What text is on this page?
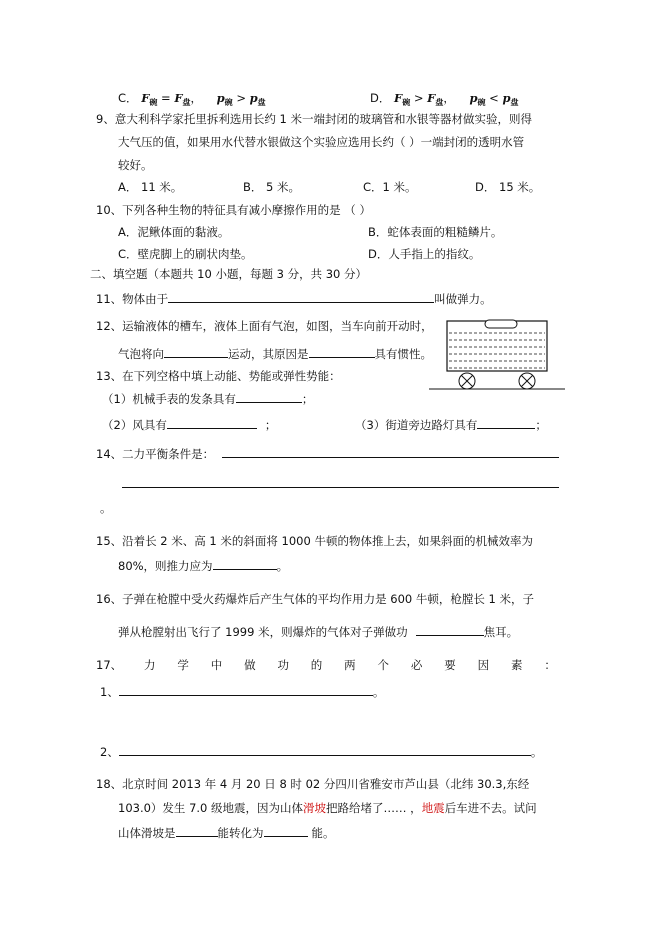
C． $F_碗 = F_盘$， $p_碗 > p_盘$	D． $F_碗 > F_盘$， $p_碗 < p_盘$
9、意大利科学家托里拆利选用长约 1 米一端封闭的玻璃管和水银等器材做实验，则得
大气压的值，如果用水代替水银做这个实验应选用长约（ ）一端封闭的透明水管
较好。
A． 11 米。	B． 5 米。	C．1 米。	D． 15 米。
10、下列各种生物的特征具有减小摩擦作用的是 （ ）
A．泥鳅体面的黏液。	B．蛇体表面的粗糙鳞片。
C．壁虎脚上的刷状肉垫。	D．人手指上的指纹。
二、填空题（本题共 10 小题，每题 3 分，共 30 分）
11、物体由于	叫做弹力。
12、运输液体的槽车，液体上面有气泡，如图，当车向前开动时，
气泡将向	运动，其原因是	具有惯性。
13、在下列空格中填上动能、势能或弹性势能：
（1）机械手表的发条具有	；
（2）风具有	；	（3）街道旁边路灯具有	；
14、二力平衡条件是：
。
15、沿着长 2 米、高 1 米的斜面将 1000 牛顿的物体推上去，如果斜面的机械效率为
80%，则推力应为	。
16、子弹在枪膛中受火药爆炸后产生气体的平均作用力是 600 牛顿，枪膛长 1 米，子
弹从枪膛射出飞行了 1999 米，则爆炸的气体对子弹做功	焦耳。
17、 力 学 中 做 功 的 两 个 必 要 因 素 ：
1、	。
2、	。
18、北京时间 2013 年 4 月 20 日 8 时 02 分四川省雅安市芦山县（北纬 30.3,东经
103.0）发生 7.0 级地震，因为山体滑坡把路给堵了…… ，地震后车进不去。试问
山体滑坡是	能转化为	能。
